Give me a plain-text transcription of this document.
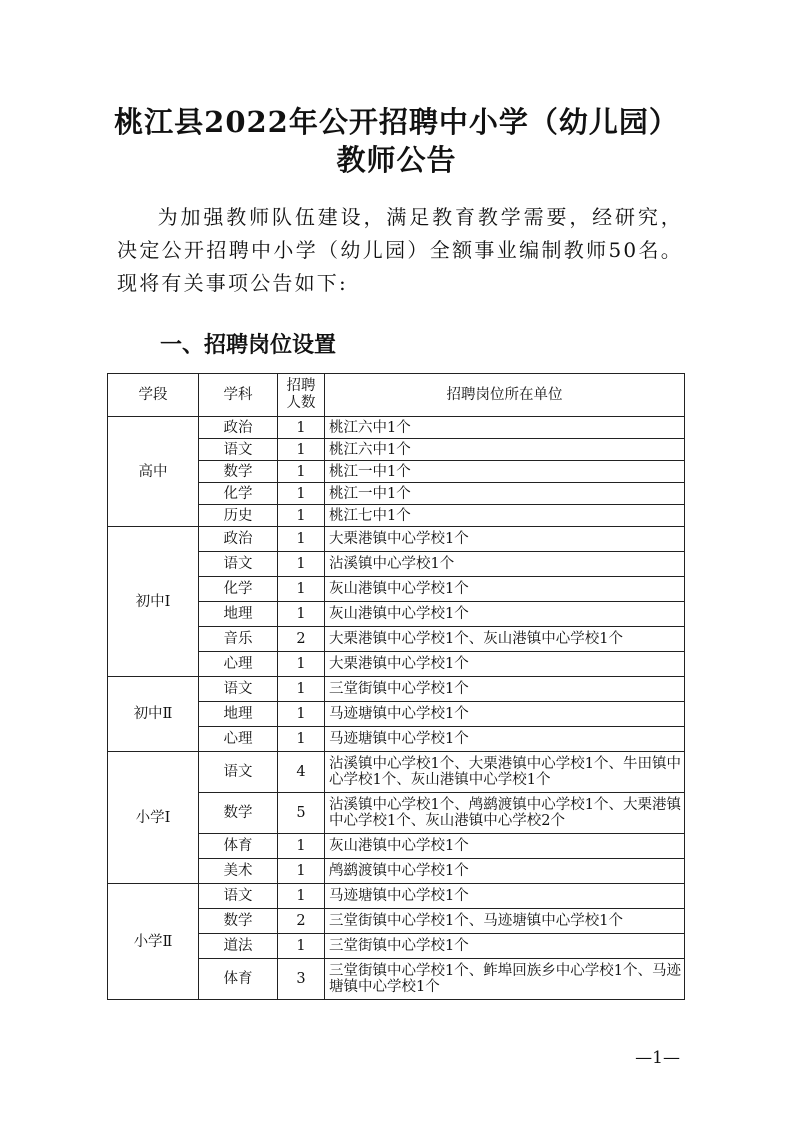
桃江县2022年公开招聘中小学（幼儿园）
教师公告
为加强教师队伍建设，满足教育教学需要，经研究，决定公开招聘中小学（幼儿园）全额事业编制教师50名。现将有关事项公告如下:
一、招聘岗位设置
学段	学科	招聘人数	招聘岗位所在单位
高中	政治	1	桃江六中1个
	语文	1	桃江六中1个
	数学	1	桃江一中1个
	化学	1	桃江一中1个
	历史	1	桃江七中1个
初中Ⅰ	政治	1	大栗港镇中心学校1个
	语文	1	沾溪镇中心学校1个
	化学	1	灰山港镇中心学校1个
	地理	1	灰山港镇中心学校1个
	音乐	2	大栗港镇中心学校1个、灰山港镇中心学校1个
	心理	1	大栗港镇中心学校1个
初中Ⅱ	语文	1	三堂街镇中心学校1个
	地理	1	马迹塘镇中心学校1个
	心理	1	马迹塘镇中心学校1个
小学Ⅰ	语文	4	沾溪镇中心学校1个、大栗港镇中心学校1个、牛田镇中心学校1个、灰山港镇中心学校1个
	数学	5	沾溪镇中心学校1个、鸬鹚渡镇中心学校1个、大栗港镇中心学校1个、灰山港镇中心学校2个
	体育	1	灰山港镇中心学校1个
	美术	1	鸬鹚渡镇中心学校1个
小学Ⅱ	语文	1	马迹塘镇中心学校1个
	数学	2	三堂街镇中心学校1个、马迹塘镇中心学校1个
	道法	1	三堂街镇中心学校1个
	体育	3	三堂街镇中心学校1个、鲊埠回族乡中心学校1个、马迹塘镇中心学校1个
—1—
